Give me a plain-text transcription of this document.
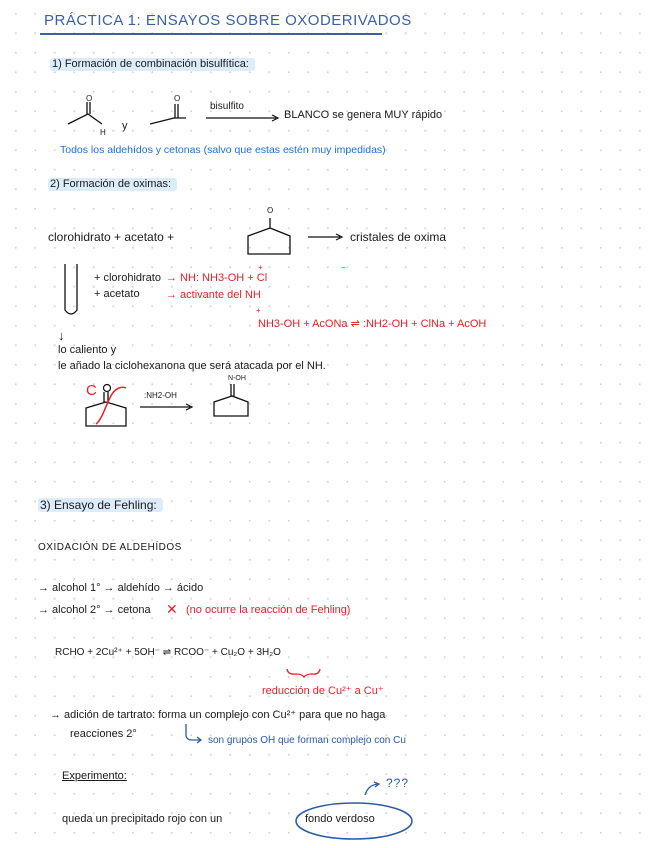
PRÁCTICA 1: ENSAYOS SOBRE OXODERIVADOS
1) Formación de combinación bisulfítica:
O
H
y
O
bisulfito
BLANCO se genera MUY rápido
Todos los aldehídos y cetonas (salvo que estas estén muy impedidas)
2) Formación de oximas:
clorohidrato + acetato +
O
cristales de oxima
+ clorohidrato → NH: NH3-OH + Cl
+	−
+ acetato → activante del NH
+
NH3-OH + AcONa ⇌ :NH2-OH + ClNa + AcOH
↓
lo caliento y
le añado la ciclohexanona que será atacada por el NH.
C	:NH2-OH
N-OH
3) Ensayo de Fehling:
OXIDACIÓN DE ALDEHÍDOS
→ alcohol 1° → aldehído → ácido
→ alcohol 2° → cetona ✕ (no ocurre la reacción de Fehling)
RCHO + 2Cu²⁺ + 5OH⁻ ⇌ RCOO⁻ + Cu₂O + 3H₂O
reducción de Cu²⁺ a Cu⁺
→ adición de tartrato: forma un complejo con Cu²⁺ para que no haga
reacciones 2°
son grupos OH que forman complejo con Cu
Experimento:	???
queda un precipitado rojo con un	fondo verdoso
